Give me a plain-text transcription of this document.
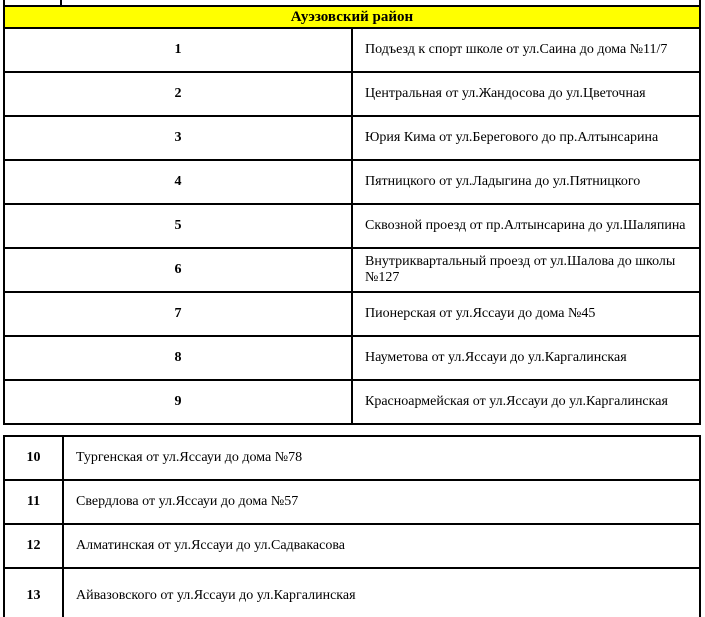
Ауэзовский район	
1	Подъезд к спорт школе от ул.Саина до дома №11/7
2	Центральная от ул.Жандосова до ул.Цветочная
3	Юрия Кима от ул.Берегового до пр.Алтынсарина
4	Пятницкого от ул.Ладыгина до ул.Пятницкого
5	Сквозной проезд от пр.Алтынсарина до ул.Шаляпина
6	Внутриквартальный проезд от ул.Шалова до школы №127
7	Пионерская от ул.Яссауи до дома №45
8	Науметова от ул.Яссауи до ул.Каргалинская
9	Красноармейская от ул.Яссауи до ул.Каргалинская
10	Тургенская от ул.Яссауи до дома №78
11	Свердлова от ул.Яссауи до дома №57
12	Алматинская от ул.Яссауи до ул.Садвакасова
13	Айвазовского от ул.Яссауи до ул.Каргалинская
